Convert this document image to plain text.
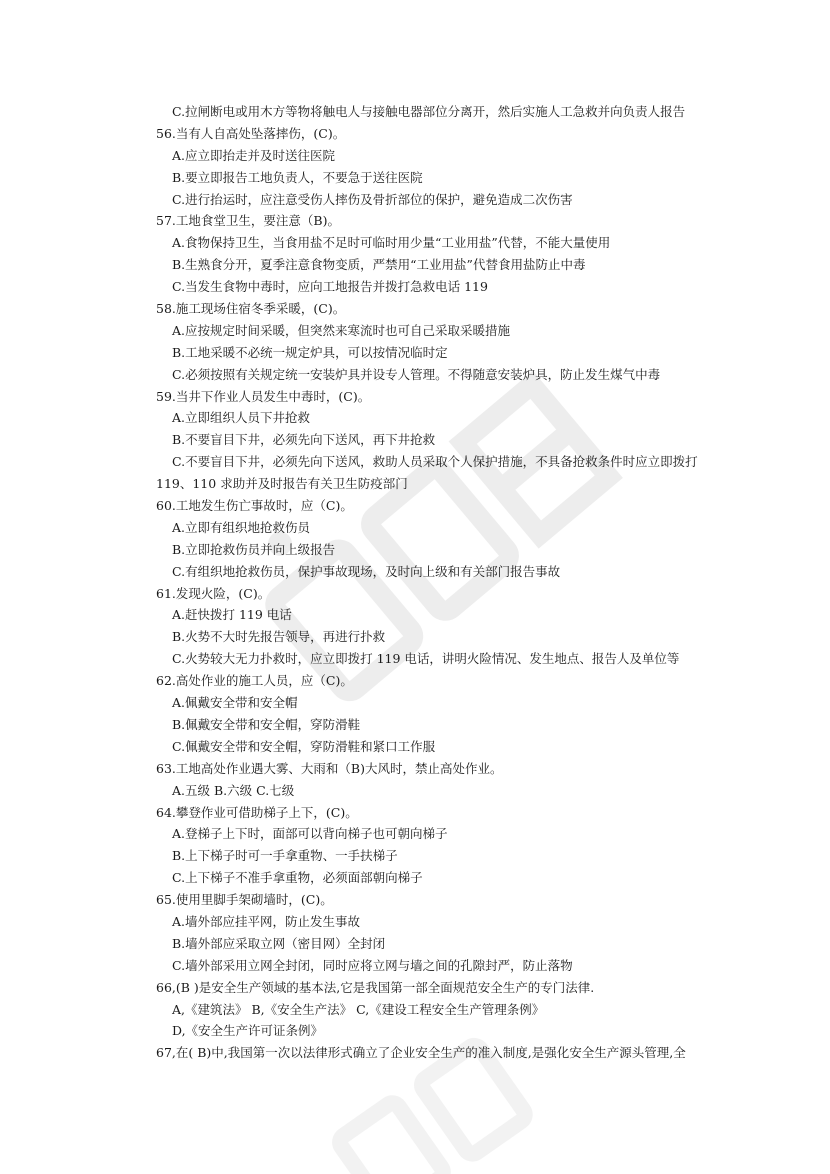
C.拉闸断电或用木方等物将触电人与接触电器部位分离开，然后实施人工急救并向负责人报告
56.当有人自高处坠落摔伤，(C)。
A.应立即抬走并及时送往医院
B.要立即报告工地负责人，不要急于送往医院
C.进行抬运时，应注意受伤人摔伤及骨折部位的保护，避免造成二次伤害
57.工地食堂卫生，要注意（B)。
A.食物保持卫生，当食用盐不足时可临时用少量“工业用盐”代替，不能大量使用
B.生熟食分开，夏季注意食物变质，严禁用“工业用盐”代替食用盐防止中毒
C.当发生食物中毒时，应向工地报告并拨打急救电话 119
58.施工现场住宿冬季采暖，(C)。
A.应按规定时间采暖，但突然来寒流时也可自己采取采暖措施
B.工地采暖不必统一规定炉具，可以按情况临时定
C.必须按照有关规定统一安装炉具并设专人管理。不得随意安装炉具，防止发生煤气中毒
59.当井下作业人员发生中毒时，(C)。
A.立即组织人员下井抢救
B.不要盲目下井，必须先向下送风，再下井抢救
C.不要盲目下井，必须先向下送风，救助人员采取个人保护措施，不具备抢救条件时应立即拨打
119、110 求助并及时报告有关卫生防疫部门
60.工地发生伤亡事故时，应（C)。
A.立即有组织地抢救伤员
B.立即抢救伤员并向上级报告
C.有组织地抢救伤员，保护事故现场，及时向上级和有关部门报告事故
61.发现火险，(C)。
A.赶快拨打 119 电话
B.火势不大时先报告领导，再进行扑救
C.火势较大无力扑救时，应立即拨打 119 电话，讲明火险情况、发生地点、报告人及单位等
62.高处作业的施工人员，应（C)。
A.佩戴安全带和安全帽
B.佩戴安全带和安全帽，穿防滑鞋
C.佩戴安全带和安全帽，穿防滑鞋和紧口工作服
63.工地高处作业遇大雾、大雨和（B)大风时，禁止高处作业。
A.五级 B.六级 C.七级
64.攀登作业可借助梯子上下，(C)。
A.登梯子上下时，面部可以背向梯子也可朝向梯子
B.上下梯子时可一手拿重物、一手扶梯子
C.上下梯子不准手拿重物，必须面部朝向梯子
65.使用里脚手架砌墙时，(C)。
A.墙外部应挂平网，防止发生事故
B.墙外部应采取立网（密目网）全封闭
C.墙外部采用立网全封闭，同时应将立网与墙之间的孔隙封严，防止落物
66,(B )是安全生产领域的基本法,它是我国第一部全面规范安全生产的专门法律.
A,《建筑法》 B,《安全生产法》 C,《建设工程安全生产管理条例》
D,《安全生产许可证条例》
67,在( B)中,我国第一次以法律形式确立了企业安全生产的准入制度,是强化安全生产源头管理,全
